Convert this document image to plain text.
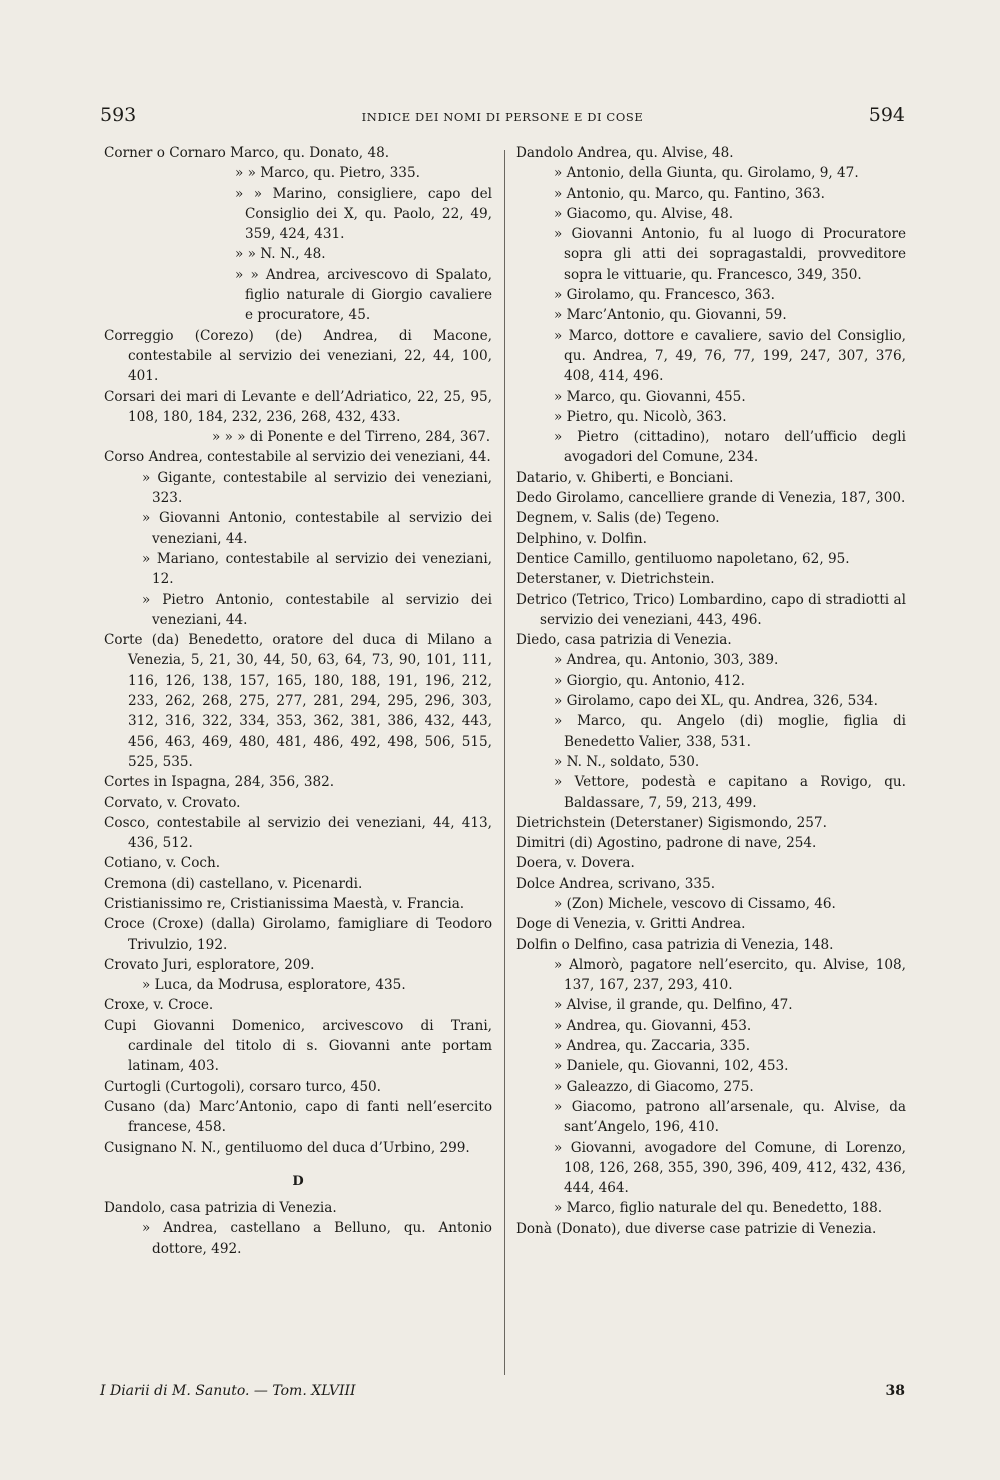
593	INDICE DEI NOMI DI PERSONE E DI COSE	594

Corner o Cornaro Marco, qu. Donato, 48.

» » Marco, qu. Pietro, 335.

» » Marino, consigliere, capo del Consiglio dei X, qu. Paolo, 22, 49, 359, 424, 431.

» » N. N., 48.

» » Andrea, arcivescovo di Spalato, figlio naturale di Giorgio cavaliere e procuratore, 45.

Correggio (Corezo) (de) Andrea, di Macone, contestabile al servizio dei veneziani, 22, 44, 100, 401.

Corsari dei mari di Levante e dell’Adriatico, 22, 25, 95, 108, 180, 184, 232, 236, 268, 432, 433.

» » » di Ponente e del Tirreno, 284, 367.

Corso Andrea, contestabile al servizio dei veneziani, 44.

» Gigante, contestabile al servizio dei veneziani, 323.

» Giovanni Antonio, contestabile al servizio dei veneziani, 44.

» Mariano, contestabile al servizio dei veneziani, 12.

» Pietro Antonio, contestabile al servizio dei veneziani, 44.

Corte (da) Benedetto, oratore del duca di Milano a Venezia, 5, 21, 30, 44, 50, 63, 64, 73, 90, 101, 111, 116, 126, 138, 157, 165, 180, 188, 191, 196, 212, 233, 262, 268, 275, 277, 281, 294, 295, 296, 303, 312, 316, 322, 334, 353, 362, 381, 386, 432, 443, 456, 463, 469, 480, 481, 486, 492, 498, 506, 515, 525, 535.

Cortes in Ispagna, 284, 356, 382.

Corvato, v. Crovato.

Cosco, contestabile al servizio dei veneziani, 44, 413, 436, 512.

Cotiano, v. Coch.

Cremona (di) castellano, v. Picenardi.

Cristianissimo re, Cristianissima Maestà, v. Francia.

Croce (Croxe) (dalla) Girolamo, famigliare di Teodoro Trivulzio, 192.

Crovato Juri, esploratore, 209.

» Luca, da Modrusa, esploratore, 435.

Croxe, v. Croce.

Cupi Giovanni Domenico, arcivescovo di Trani, cardinale del titolo di s. Giovanni ante portam latinam, 403.

Curtogli (Curtogoli), corsaro turco, 450.

Cusano (da) Marc’Antonio, capo di fanti nell’esercito francese, 458.

Cusignano N. N., gentiluomo del duca d’Urbino, 299.

D

Dandolo, casa patrizia di Venezia.

» Andrea, castellano a Belluno, qu. Antonio dottore, 492.

Dandolo Andrea, qu. Alvise, 48.

» Antonio, della Giunta, qu. Girolamo, 9, 47.

» Antonio, qu. Marco, qu. Fantino, 363.

» Giacomo, qu. Alvise, 48.

» Giovanni Antonio, fu al luogo di Procuratore sopra gli atti dei sopragastaldi, provveditore sopra le vittuarie, qu. Francesco, 349, 350.

» Girolamo, qu. Francesco, 363.

» Marc’Antonio, qu. Giovanni, 59.

» Marco, dottore e cavaliere, savio del Consiglio, qu. Andrea, 7, 49, 76, 77, 199, 247, 307, 376, 408, 414, 496.

» Marco, qu. Giovanni, 455.

» Pietro, qu. Nicolò, 363.

» Pietro (cittadino), notaro dell’ufficio degli avogadori del Comune, 234.

Datario, v. Ghiberti, e Bonciani.

Dedo Girolamo, cancelliere grande di Venezia, 187, 300.

Degnem, v. Salis (de) Tegeno.

Delphino, v. Dolfin.

Dentice Camillo, gentiluomo napoletano, 62, 95.

Deterstaner, v. Dietrichstein.

Detrico (Tetrico, Trico) Lombardino, capo di stradiotti al servizio dei veneziani, 443, 496.

Diedo, casa patrizia di Venezia.

» Andrea, qu. Antonio, 303, 389.

» Giorgio, qu. Antonio, 412.

» Girolamo, capo dei XL, qu. Andrea, 326, 534.

» Marco, qu. Angelo (di) moglie, figlia di Benedetto Valier, 338, 531.

» N. N., soldato, 530.

» Vettore, podestà e capitano a Rovigo, qu. Baldassare, 7, 59, 213, 499.

Dietrichstein (Deterstaner) Sigismondo, 257.

Dimitri (di) Agostino, padrone di nave, 254.

Doera, v. Dovera.

Dolce Andrea, scrivano, 335.

» (Zon) Michele, vescovo di Cissamo, 46.

Doge di Venezia, v. Gritti Andrea.

Dolfin o Delfino, casa patrizia di Venezia, 148.

» Almorò, pagatore nell’esercito, qu. Alvise, 108, 137, 167, 237, 293, 410.

» Alvise, il grande, qu. Delfino, 47.

» Andrea, qu. Giovanni, 453.

» Andrea, qu. Zaccaria, 335.

» Daniele, qu. Giovanni, 102, 453.

» Galeazzo, di Giacomo, 275.

» Giacomo, patrono all’arsenale, qu. Alvise, da sant’Angelo, 196, 410.

» Giovanni, avogadore del Comune, di Lorenzo, 108, 126, 268, 355, 390, 396, 409, 412, 432, 436, 444, 464.

» Marco, figlio naturale del qu. Benedetto, 188.

Donà (Donato), due diverse case patrizie di Venezia.

I Diarii di M. Sanuto. — Tom. XLVIII	38
